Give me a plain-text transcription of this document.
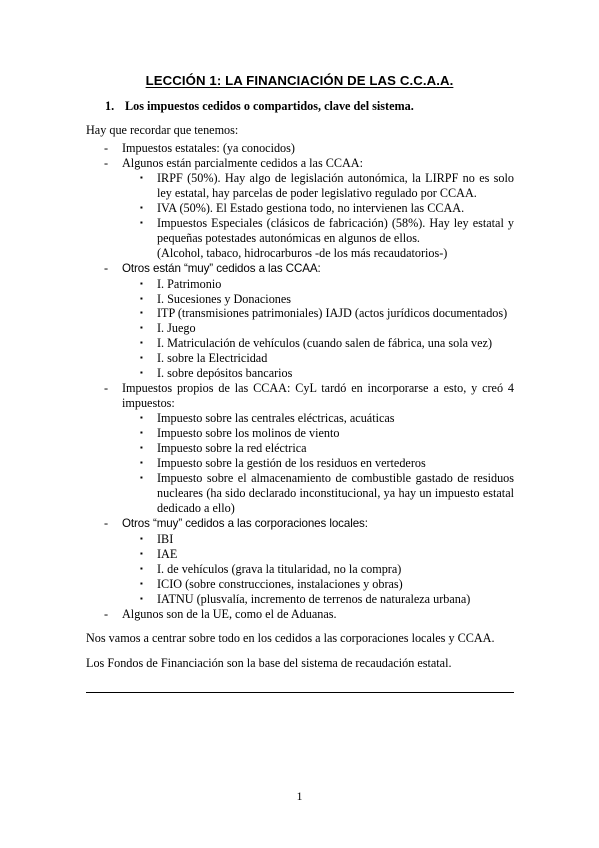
LECCIÓN 1: LA FINANCIACIÓN DE LAS C.C.A.A.
1. Los impuestos cedidos o compartidos, clave del sistema.
Hay que recordar que tenemos:
- Impuestos estatales: (ya conocidos)
- Algunos están parcialmente cedidos a las CCAA:
▪ IRPF (50%). Hay algo de legislación autonómica, la LIRPF no es solo ley estatal, hay parcelas de poder legislativo regulado por CCAA.
▪ IVA (50%). El Estado gestiona todo, no intervienen las CCAA.
▪ Impuestos Especiales (clásicos de fabricación) (58%). Hay ley estatal y pequeñas potestades autonómicas en algunos de ellos.
(Alcohol, tabaco, hidrocarburos -de los más recaudatorios-)
- Otros están “muy” cedidos a las CCAA:
▪ I. Patrimonio
▪ I. Sucesiones y Donaciones
▪ ITP (transmisiones patrimoniales) IAJD (actos jurídicos documentados)
▪ I. Juego
▪ I. Matriculación de vehículos (cuando salen de fábrica, una sola vez)
▪ I. sobre la Electricidad
▪ I. sobre depósitos bancarios
- Impuestos propios de las CCAA: CyL tardó en incorporarse a esto, y creó 4 impuestos:
▪ Impuesto sobre las centrales eléctricas, acuáticas
▪ Impuesto sobre los molinos de viento
▪ Impuesto sobre la red eléctrica
▪ Impuesto sobre la gestión de los residuos en vertederos
▪ Impuesto sobre el almacenamiento de combustible gastado de residuos nucleares (ha sido declarado inconstitucional, ya hay un impuesto estatal dedicado a ello)
- Otros “muy” cedidos a las corporaciones locales:
▪ IBI
▪ IAE
▪ I. de vehículos (grava la titularidad, no la compra)
▪ ICIO (sobre construcciones, instalaciones y obras)
▪ IATNU (plusvalía, incremento de terrenos de naturaleza urbana)
- Algunos son de la UE, como el de Aduanas.
Nos vamos a centrar sobre todo en los cedidos a las corporaciones locales y CCAA.
Los Fondos de Financiación son la base del sistema de recaudación estatal.
1
